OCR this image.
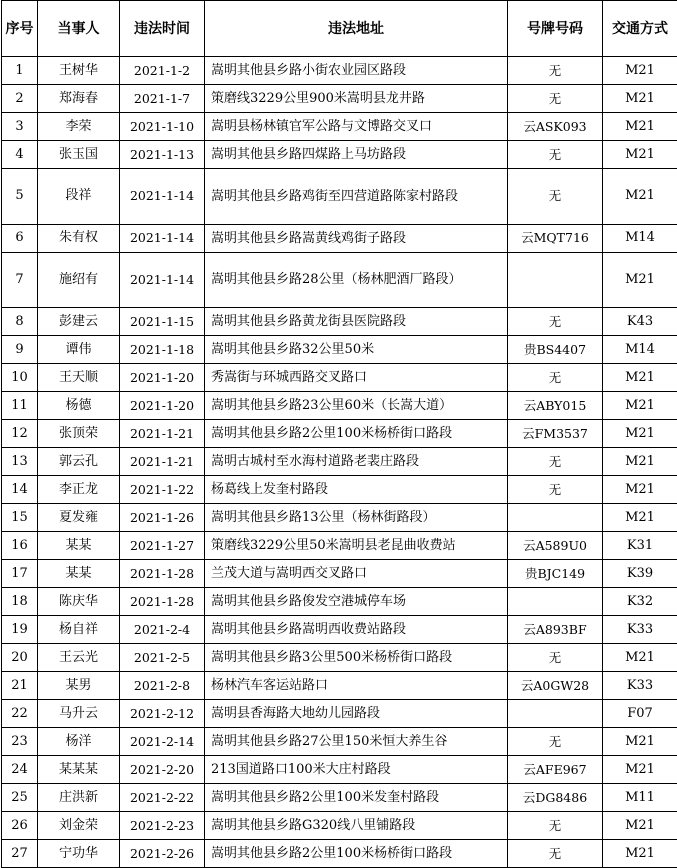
序号	当事人	违法时间	违法地址	号牌号码	交通方式
1	王树华	2021-1-2	嵩明其他县乡路小街农业园区路段	无	M21
2	郑海春	2021-1-7	策磨线3229公里900米嵩明县龙井路	无	M21
3	李荣	2021-1-10	嵩明县杨林镇官军公路与文博路交叉口	云ASK093	M21
4	张玉国	2021-1-13	嵩明其他县乡路四煤路上马坊路段	无	M21
5	段祥	2021-1-14	嵩明其他县乡路鸡街至四营道路陈家村路段	无	M21
6	朱有权	2021-1-14	嵩明其他县乡路嵩黄线鸡街子路段	云MQT716	M14
7	施绍有	2021-1-14	嵩明其他县乡路28公里（杨林肥酒厂路段）		M21
8	彭建云	2021-1-15	嵩明其他县乡路黄龙街县医院路段	无	K43
9	谭伟	2021-1-18	嵩明其他县乡路32公里50米	贵BS4407	M14
10	王天顺	2021-1-20	秀嵩街与环城西路交叉路口	无	M21
11	杨德	2021-1-20	嵩明其他县乡路23公里60米（长嵩大道）	云ABY015	M21
12	张顶荣	2021-1-21	嵩明其他县乡路2公里100米杨桥街口路段	云FM3537	M21
13	郭云孔	2021-1-21	嵩明古城村至水海村道路老裴庄路段	无	M21
14	李正龙	2021-1-22	杨葛线上发奎村路段	无	M21
15	夏发雍	2021-1-26	嵩明其他县乡路13公里（杨林街路段）		M21
16	某某	2021-1-27	策磨线3229公里50米嵩明县老昆曲收费站	云A589U0	K31
17	某某	2021-1-28	兰茂大道与嵩明西交叉路口	贵BJC149	K39
18	陈庆华	2021-1-28	嵩明其他县乡路俊发空港城停车场		K32
19	杨自祥	2021-2-4	嵩明其他县乡路嵩明西收费站路段	云A893BF	K33
20	王云光	2021-2-5	嵩明其他县乡路3公里500米杨桥街口路段	无	M21
21	某男	2021-2-8	杨林汽车客运站路口	云A0GW28	K33
22	马升云	2021-2-12	嵩明县香海路大地幼儿园路段		F07
23	杨洋	2021-2-14	嵩明其他县乡路27公里150米恒大养生谷	无	M21
24	某某某	2021-2-20	213国道路口100米大庄村路段	云AFE967	M21
25	庄洪新	2021-2-22	嵩明其他县乡路2公里100米发奎村路段	云DG8486	M11
26	刘金荣	2021-2-23	嵩明其他县乡路G320线八里铺路段	无	M21
27	宁功华	2021-2-26	嵩明其他县乡路2公里100米杨桥街口路段	无	M21
